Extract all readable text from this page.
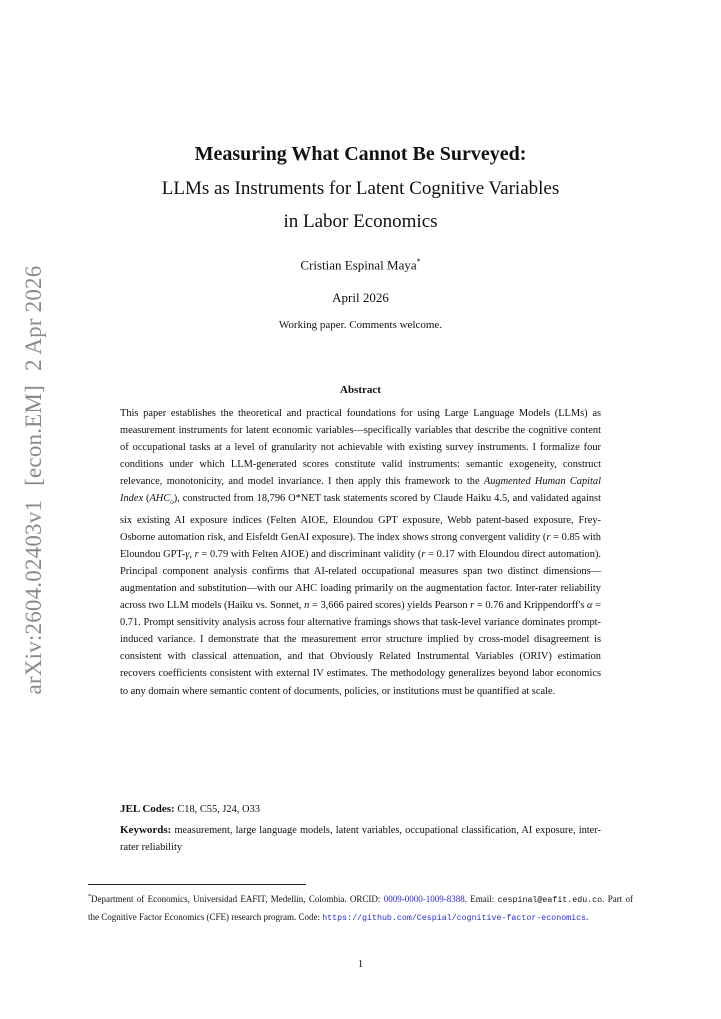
arXiv:2604.02403v1[econ.EM]2 Apr 2026
Measuring What Cannot Be Surveyed:
LLMs as Instruments for Latent Cognitive Variables
in Labor Economics
Cristian Espinal Maya*
April 2026
Working paper. Comments welcome.
Abstract

This paper establishes the theoretical and practical foundations for using Large Language Models (LLMs) as measurement instruments for latent economic variables—specifically variables that describe the cognitive content of occupational tasks at a level of granularity not achievable with existing survey instruments. I formalize four conditions under which LLM-generated scores constitute valid instruments: semantic exogeneity, construct relevance, monotonicity, and model invariance. I then apply this framework to the Augmented Human Capital Index $(AHC_o)$, constructed from 18,796 O*NET task statements scored by Claude Haiku 4.5, and validated against six existing AI exposure indices (Felten AIOE, Eloundou GPT exposure, Webb patent-based exposure, Frey-Osborne automation risk, and Eisfeldt GenAI exposure). The index shows strong convergent validity (r = 0.85 with Eloundou GPT-γ, r = 0.79 with Felten AIOE) and discriminant validity (r = 0.17 with Eloundou direct automation). Principal component analysis confirms that AI-related occupational measures span two distinct dimensions—augmentation and substitution—with our AHC loading primarily on the augmentation factor. Inter-rater reliability across two LLM models (Haiku vs. Sonnet, n = 3,666 paired scores) yields Pearson r = 0.76 and Krippendorff's α = 0.71. Prompt sensitivity analysis across four alternative framings shows that task-level variance dominates prompt-induced variance. I demonstrate that the measurement error structure implied by cross-model disagreement is consistent with classical attenuation, and that Obviously Related Instrumental Variables (ORIV) estimation recovers coefficients consistent with external IV estimates. The methodology generalizes beyond labor economics to any domain where semantic content of documents, policies, or institutions must be quantified at scale.

JEL Codes: C18, C55, J24, O33
Keywords: measurement, large language models, latent variables, occupational classification, AI exposure, inter-rater reliability

*Department of Economics, Universidad EAFIT, Medellín, Colombia. ORCID: 0009-0000-1009-8388. Email: cespinal@eafit.edu.co. Part of the Cognitive Factor Economics (CFE) research program. Code: https://github.com/Cespial/cognitive-factor-economics.

1
